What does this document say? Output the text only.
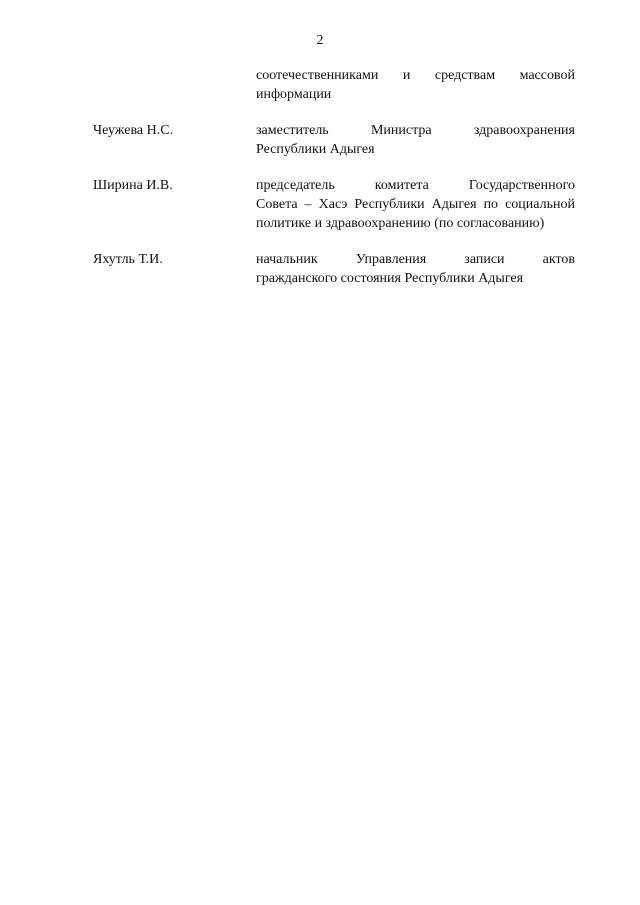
2
соотечественниками и средствам массовой
информации
Чеужева Н.С.	заместитель Министра здравоохранения
Республики Адыгея
Ширина И.В.	председатель комитета Государственного
Совета – Хасэ Республики Адыгея по социальной
политике и здравоохранению (по согласованию)
Яхутль Т.И.	начальник Управления записи актов
гражданского состояния Республики Адыгея
